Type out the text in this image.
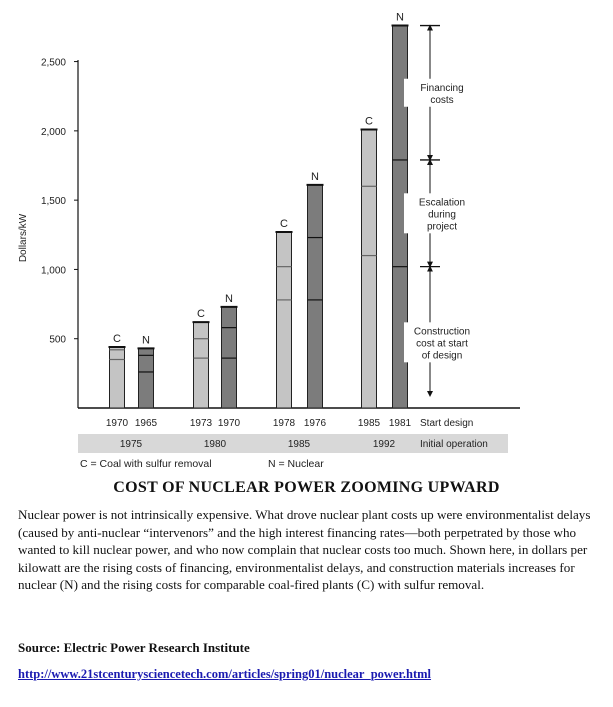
500
1,000
1,500
2,000
2,500
Dollars/kW
C N
C
N
C
N
C
N
Financing costs
Escalation during project
Construction cost at start of design
1970 1965	1973 1970	1978 1976	1985 1981 Start design
1975	1980	1985	1992 Initial operation
C = Coal with sulfur removal	N = Nuclear
COST OF NUCLEAR POWER ZOOMING UPWARD

Nuclear power is not intrinsically expensive. What drove nuclear plant costs up were environmentalist delays (caused by anti-nuclear “intervenors” and the high interest financing rates—both perpetrated by those who wanted to kill nuclear power, and who now complain that nuclear costs too much. Shown here, in dollars per kilowatt are the rising costs of financing, environmentalist delays, and construction materials increases for nuclear (N) and the rising costs for comparable coal-fired plants (C) with sulfur removal.

Source: Electric Power Research Institute

http://www.21stcenturysciencetech.com/articles/spring01/nuclear_power.html
